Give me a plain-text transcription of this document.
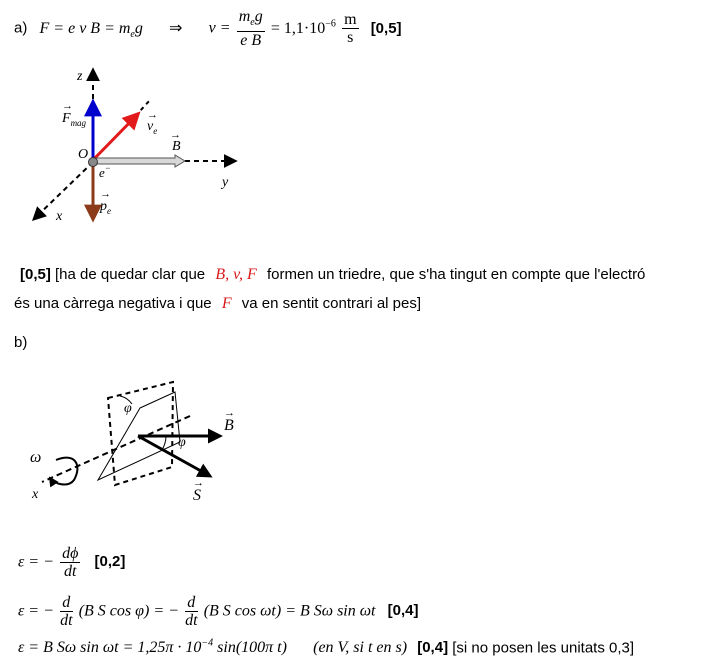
a) F = e v $B = m_eg$ ⇒ $v = \frac{m_eg}{\text{e B}} = 1,1\cdot 10^{-6} \frac{m}{s} [0,5]$
z
y
x
O
B
→
$F_{mag}$
→
$v_e$
→
e−
$p_e$
→
[0,5] [ha de quedar clar que B, v, F formen un triedre, que s'ha tingut en compte que l'electró
és una càrrega negativa i que F va en sentit contrari al pes]
b)
φ
φ
B
→
S
→
ω
x
ε = − $\frac{d\phi}{dt} [0,2]$
ε = − $\frac{d}{dt} (B$ S cos φ) = − $\frac{d}{dt} (B$ S cos ωt) = B Sω sin ωt [0,4]
ε = B Sω $\sin \omega t = 1,25\pi \cdot 10^{-4}$ sin(100π t) (en V, si t en s) [0,4] [si no posen les unitats 0,3]
